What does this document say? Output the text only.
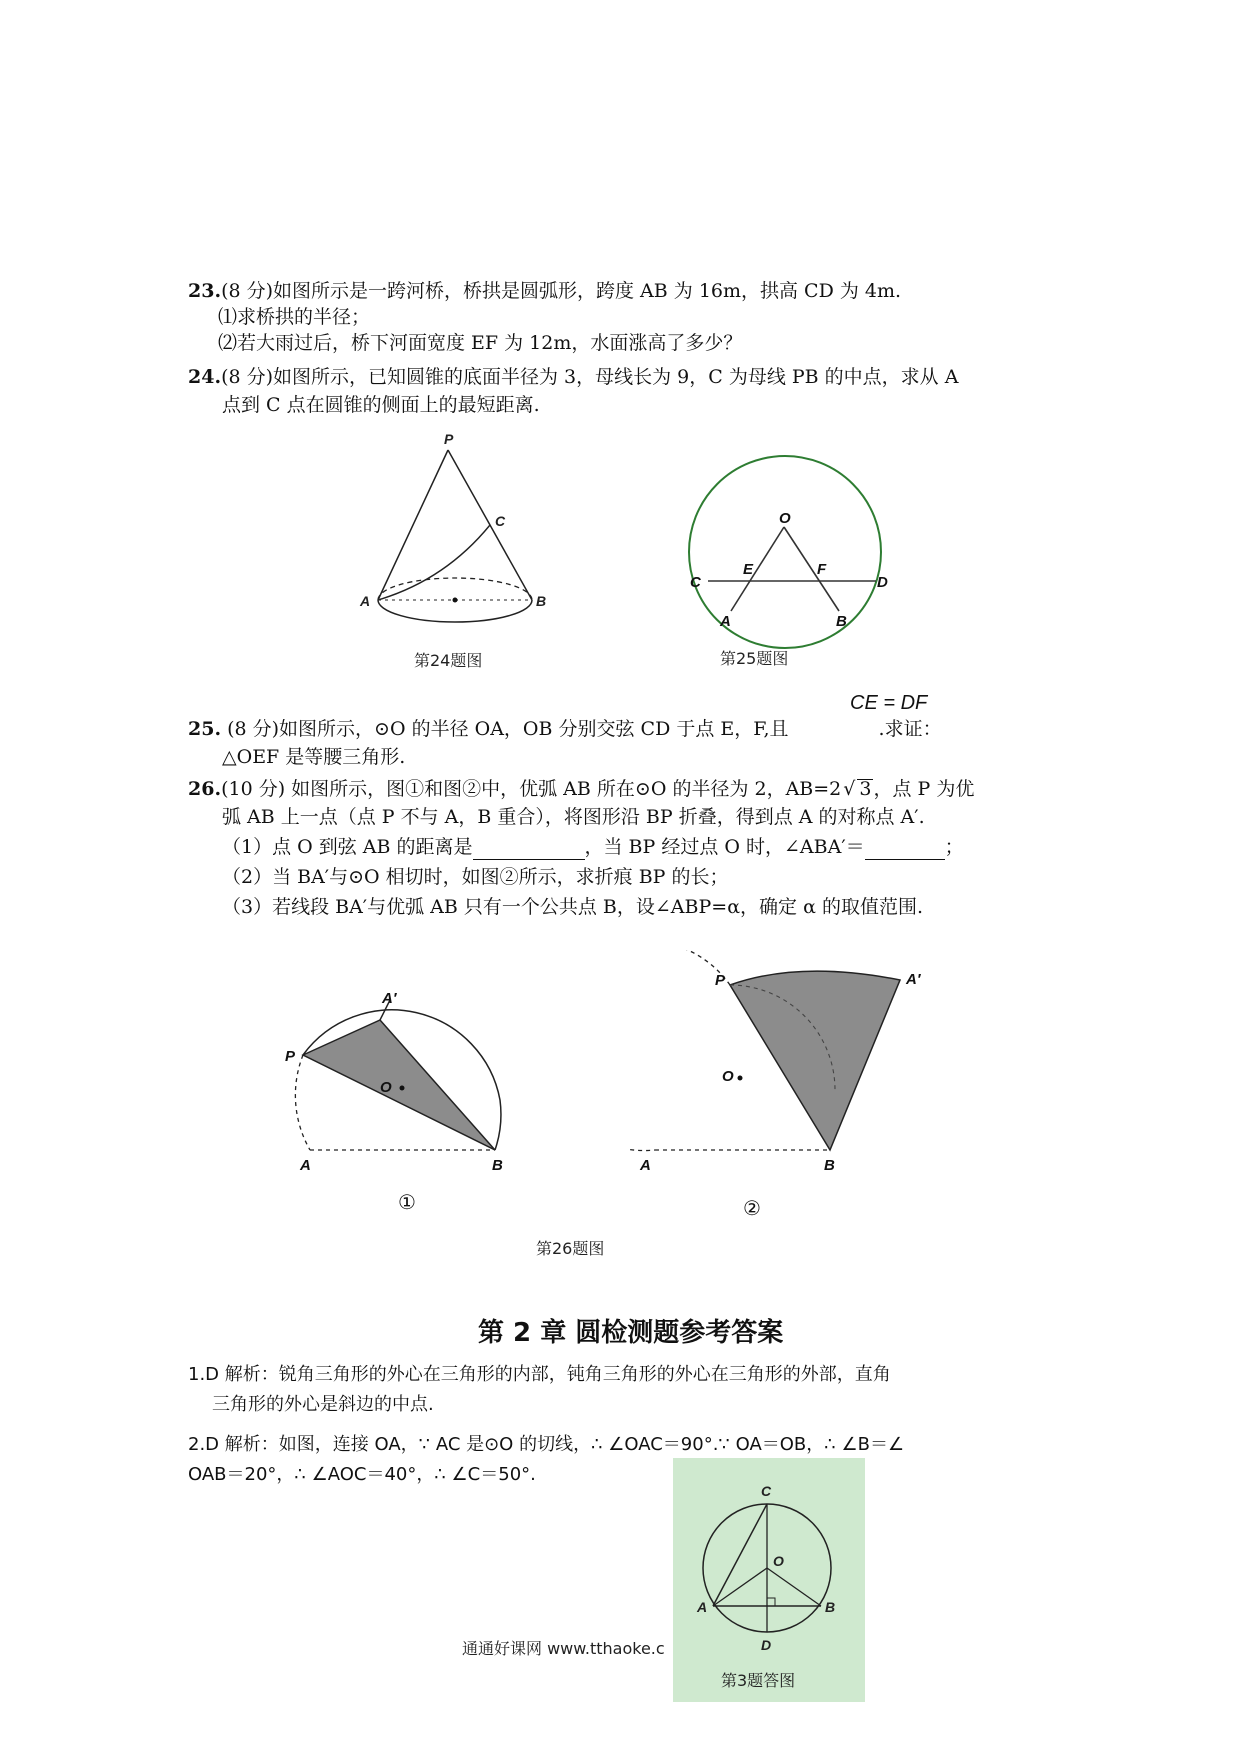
23.(8 分)如图所示是一跨河桥，桥拱是圆弧形，跨度 AB 为 16m，拱高 CD 为 4m.
⑴求桥拱的半径；
⑵若大雨过后，桥下河面宽度 EF 为 12m，水面涨高了多少？
24.(8 分)如图所示，已知圆锥的底面半径为 3，母线长为 9，C 为母线 PB 的中点，求从 A
点到 C 点在圆锥的侧面上的最短距离.
P
C
A	B
第24题图
O
E	F
C	D
A	B
第25题图
CE = DF
25. (8 分)如图所示，⊙O 的半径 OA，OB 分别交弦 CD 于点 E，F,且	.求证：
△OEF 是等腰三角形.
26.(10 分) 如图所示，图①和图②中，优弧 AB 所在⊙O 的半径为 2，AB=2 √ 3 ，点 P 为优
弧 AB 上一点（点 P 不与 A，B 重合），将图形沿 BP 折叠，得到点 A 的对称点 A′.
（1）点 O 到弦 AB 的距离是	，当 BP 经过点 O 时，∠ABA′＝	；
（2）当 BA′与⊙O 相切时，如图②所示，求折痕 BP 的长；
（3）若线段 BA′与优弧 AB 只有一个公共点 B，设∠ABP=α，确定 α 的取值范围.
A′
P
O
A	B
①
P	A′
O
A	B
②
第26题图
第 2 章 圆检测题参考答案
1.D 解析：锐角三角形的外心在三角形的内部，钝角三角形的外心在三角形的外部，直角
三角形的外心是斜边的中点.
2.D 解析：如图，连接 OA，∵ AC 是⊙O 的切线，∴ ∠OAC＝90°.∵ OA＝OB，∴ ∠B＝∠
OAB＝20°，∴ ∠AOC＝40°，∴ ∠C＝50°.
C
O
A	B
D
第3题答图
通通好课网 www.tthaoke.c
